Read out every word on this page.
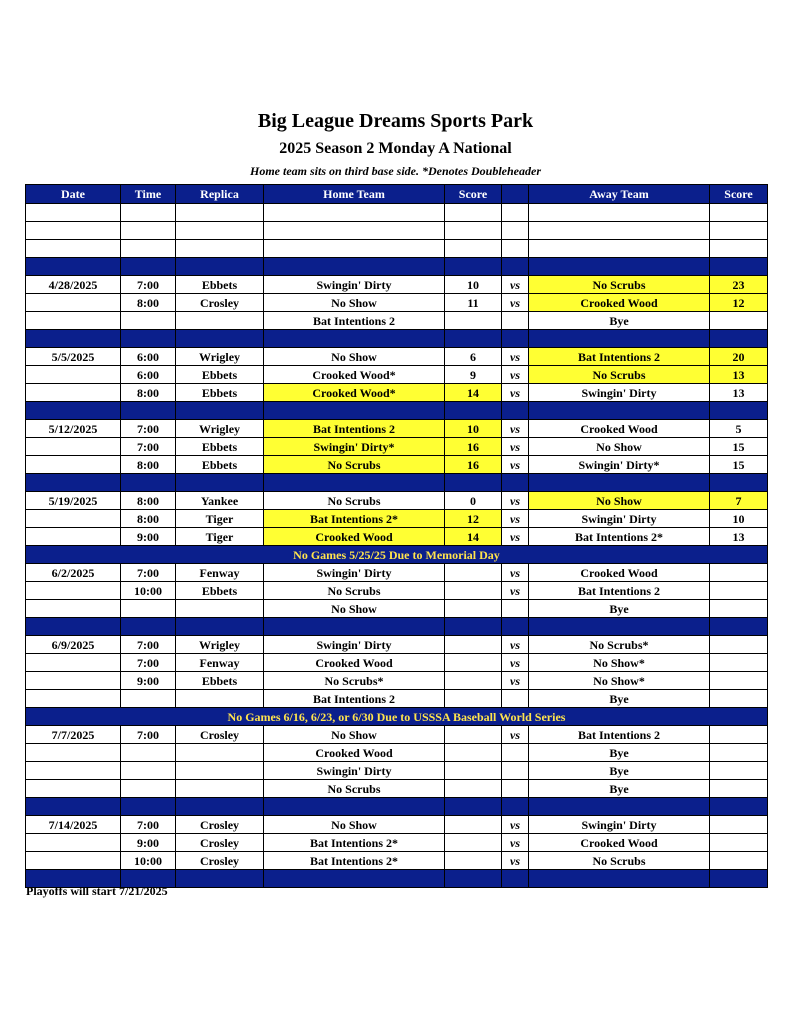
Big League Dreams Sports Park
2025 Season 2 Monday A National
Home team sits on third base side. *Denotes Doubleheader
Date	Time	Replica	Home Team	Score		Away Team	Score

4/28/2025	7:00	Ebbets	Swingin' Dirty	10	vs	No Scrubs	23
	8:00	Crosley	No Show	11	vs	Crooked Wood	12
			Bat Intentions 2			Bye	

5/5/2025	6:00	Wrigley	No Show	6	vs	Bat Intentions 2	20
	6:00	Ebbets	Crooked Wood*	9	vs	No Scrubs	13
	8:00	Ebbets	Crooked Wood*	14	vs	Swingin' Dirty	13

5/12/2025	7:00	Wrigley	Bat Intentions 2	10	vs	Crooked Wood	5
	7:00	Ebbets	Swingin' Dirty*	16	vs	No Show	15
	8:00	Ebbets	No Scrubs	16	vs	Swingin' Dirty*	15

5/19/2025	8:00	Yankee	No Scrubs	0	vs	No Show	7
	8:00	Tiger	Bat Intentions 2*	12	vs	Swingin' Dirty	10
	9:00	Tiger	Crooked Wood	14	vs	Bat Intentions 2*	13
No Games 5/25/25 Due to Memorial Day							
6/2/2025	7:00	Fenway	Swingin' Dirty		vs	Crooked Wood	
	10:00	Ebbets	No Scrubs		vs	Bat Intentions 2	
			No Show			Bye	

6/9/2025	7:00	Wrigley	Swingin' Dirty		vs	No Scrubs*	
	7:00	Fenway	Crooked Wood		vs	No Show*	
	9:00	Ebbets	No Scrubs*		vs	No Show*	
			Bat Intentions 2			Bye	
No Games 6/16, 6/23, or 6/30 Due to USSSA Baseball World Series							
7/7/2025	7:00	Crosley	No Show		vs	Bat Intentions 2	
			Crooked Wood			Bye	
			Swingin' Dirty			Bye	
			No Scrubs			Bye	

7/14/2025	7:00	Crosley	No Show		vs	Swingin' Dirty	
	9:00	Crosley	Bat Intentions 2*		vs	Crooked Wood	
	10:00	Crosley	Bat Intentions 2*		vs	No Scrubs	

Playoffs will start 7/21/2025
